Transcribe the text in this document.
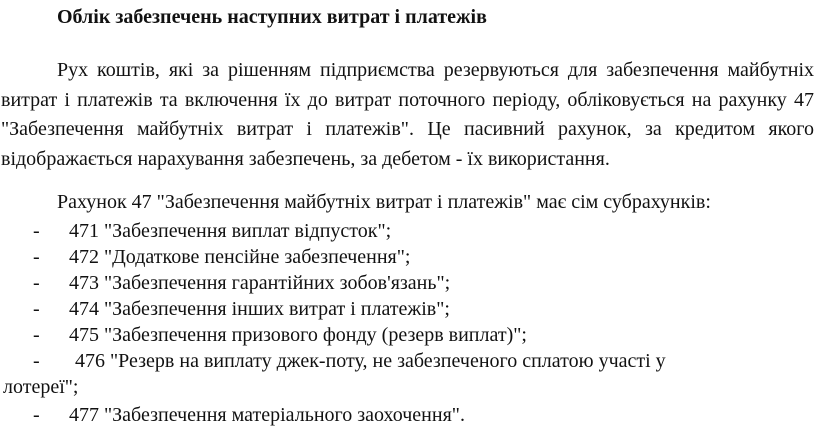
Облік забезпечень наступних витрат і платежів

Рух коштів, які за рішенням підприємства резервуються для забезпечення майбутніх витрат і платежів та включення їх до витрат поточного періоду, обліковується на рахунку 47 "Забезпечення майбутніх витрат і платежів". Це пасивний рахунок, за кредитом якого відображається нарахування забезпечень, за дебетом - їх використання.

Рахунок 47 "Забезпечення майбутніх витрат і платежів" має сім субрахунків:
- 471 "Забезпечення виплат відпусток";
- 472 "Додаткове пенсійне забезпечення";
- 473 "Забезпечення гарантійних зобов'язань";
- 474 "Забезпечення інших витрат і платежів";
- 475 "Забезпечення призового фонду (резерв виплат)";
- 476 "Резерв на виплату джек-поту, не забезпеченого сплатою участі у
лотереї";
- 477 "Забезпечення матеріального заохочення".
